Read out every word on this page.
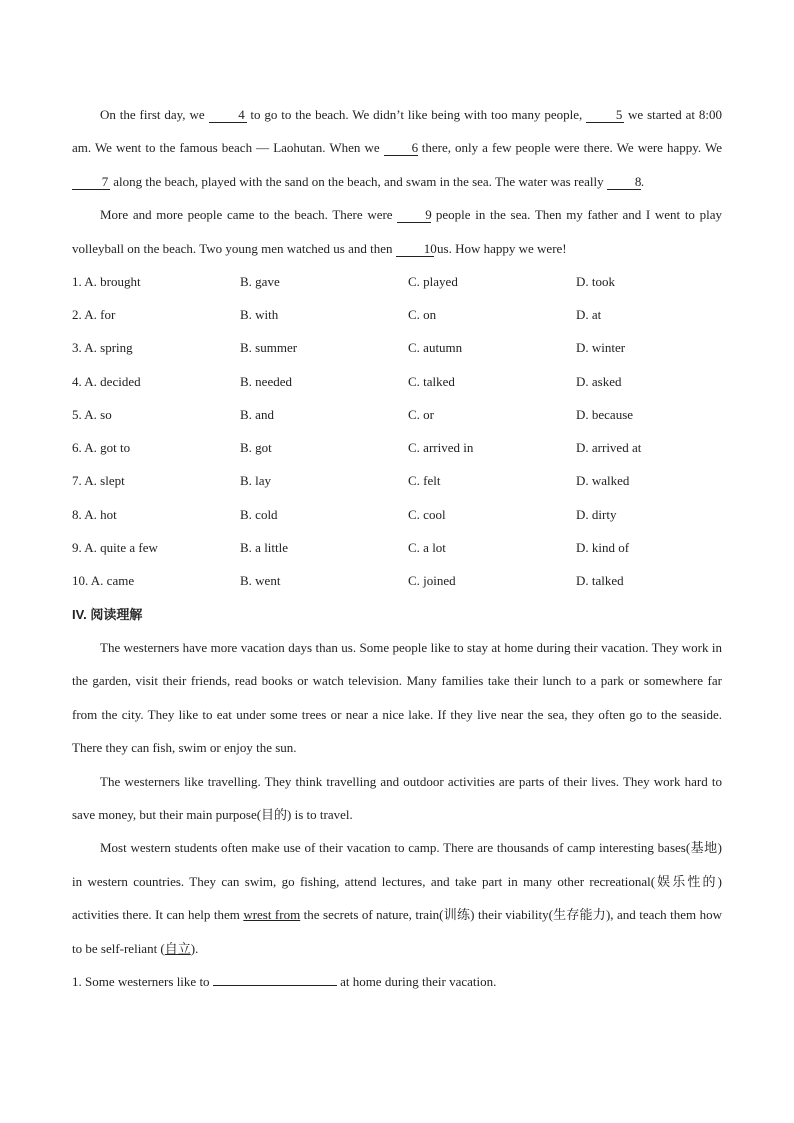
On the first day, we 4 to go to the beach. We didn’t like being with too many people, 5 we started at 8:00 am. We went to the famous beach — Laohutan. When we 6 there, only a few people were there. We were happy. We 7 along the beach, played with the sand on the beach, and swam in the sea. The water was really 8.

More and more people came to the beach. There were 9 people in the sea. Then my father and I went to play volleyball on the beach. Two young men watched us and then 10 us. How happy we were!

1. A. brought	B. gave	C. played	D. took
2. A. for	B. with	C. on	D. at
3. A. spring	B. summer	C. autumn	D. winter
4. A. decided	B. needed	C. talked	D. asked
5. A. so	B. and	C. or	D. because
6. A. got to	B. got	C. arrived in	D. arrived at
7. A. slept	B. lay	C. felt	D. walked
8. A. hot	B. cold	C. cool	D. dirty
9. A. quite a few	B. a little	C. a lot	D. kind of
10. A. came	B. went	C. joined	D. talked
IV. 阅读理解

The westerners have more vacation days than us. Some people like to stay at home during their vacation. They work in the garden, visit their friends, read books or watch television. Many families take their lunch to a park or somewhere far from the city. They like to eat under some trees or near a nice lake. If they live near the sea, they often go to the seaside. There they can fish, swim or enjoy the sun.

The westerners like travelling. They think travelling and outdoor activities are parts of their lives. They work hard to save money, but their main purpose(目的) is to travel.

Most western students often make use of their vacation to camp. There are thousands of camp interesting bases(基地) in western countries. They can swim, go fishing, attend lectures, and take part in many other recreational(娱乐性的) activities there. It can help them wrest from the secrets of nature, train(训练) their viability(生存能力), and teach them how to be self-reliant (自立).

1. Some westerners like to	at home during their vacation.
